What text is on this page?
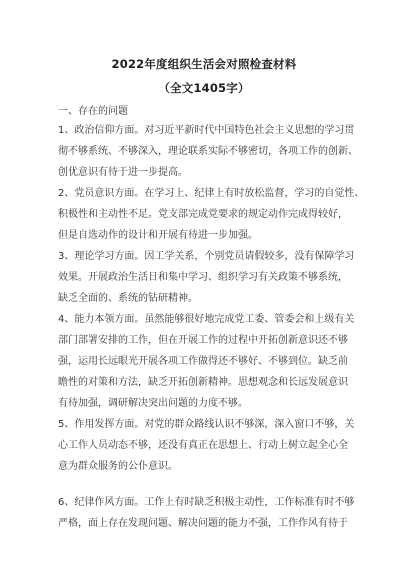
2022年度组织生活会对照检查材料
（全文1405字）
一、存在的问题
1、政治信仰方面。对习近平新时代中国特色社会主义思想的学习贯
彻不够系统、不够深入，理论联系实际不够密切，各项工作的创新、
创优意识有待于进一步提高。
2、党员意识方面。在学习上、纪律上有时放松监督，学习的自觉性、
积极性和主动性不足。党支部完成党要求的规定动作完成得较好，
但是自选动作的设计和开展有待进一步加强。
3、理论学习方面。因工学关系，个别党员请假较多，没有保障学习
效果。开展政治生活日和集中学习、组织学习有关政策不够系统，
缺乏全面的、系统的钻研精神。
4、能力本领方面。虽然能够很好地完成党工委、管委会和上级有关
部门部署安排的工作，但在开展工作的过程中开拓创新意识还不够
强，运用长远眼光开展各项工作做得还不够好、不够到位。缺乏前
瞻性的对策和方法，缺乏开拓创新精神。思想观念和长远发展意识
有待加强，调研解决突出问题的力度不够。
5、作用发挥方面。对党的群众路线认识不够深，深入窗口不够，关
心工作人员动态不够，还没有真正在思想上、行动上树立起全心全
意为群众服务的公仆意识。
6、纪律作风方面。工作上有时缺乏积极主动性，工作标准有时不够
严格，面上存在发现问题、解决问题的能力不强，工作作风有待于
